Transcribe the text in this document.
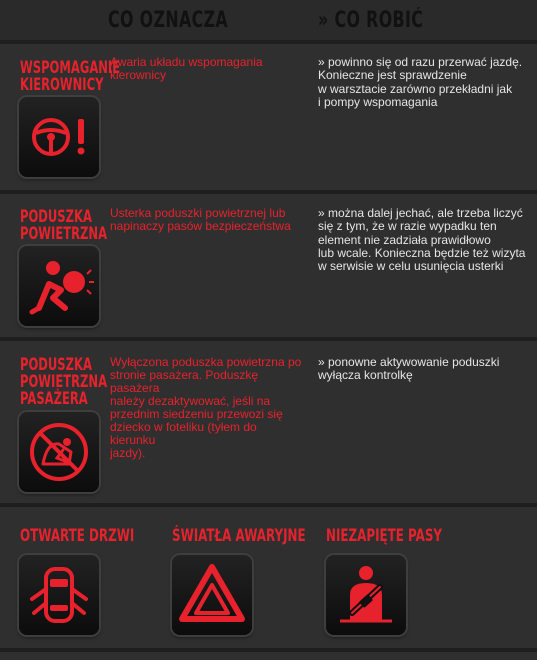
CO OZNACZA	» CO ROBIĆ
WSPOMAGANIE
KIEROWNICY
Awaria układu wspomagania
kierownicy
» powinno się od razu przerwać jazdę.
Konieczne jest sprawdzenie
w warsztacie zarówno przekładni jak
i pompy wspomagania
PODUSZKA
POWIETRZNA
Usterka poduszki powietrznej lub
napinaczy pasów bezpieczeństwa
» można dalej jechać, ale trzeba liczyć
się z tym, że w razie wypadku ten
element nie zadziała prawidłowo
lub wcale. Konieczna będzie też wizyta
w serwisie w celu usunięcia usterki
PODUSZKA
POWIETRZNA
PASAŻERA
Wyłączona poduszka powietrzna po
stronie pasażera. Poduszkę pasażera
należy dezaktywować, jeśli na
przednim siedzeniu przewozi się
dziecko w foteliku (tyłem do kierunku
jazdy).
» ponowne aktywowanie poduszki
wyłącza kontrolkę
OTWARTE DRZWI ŚWIATŁA AWARYJNE NIEZAPIĘTE PASY
